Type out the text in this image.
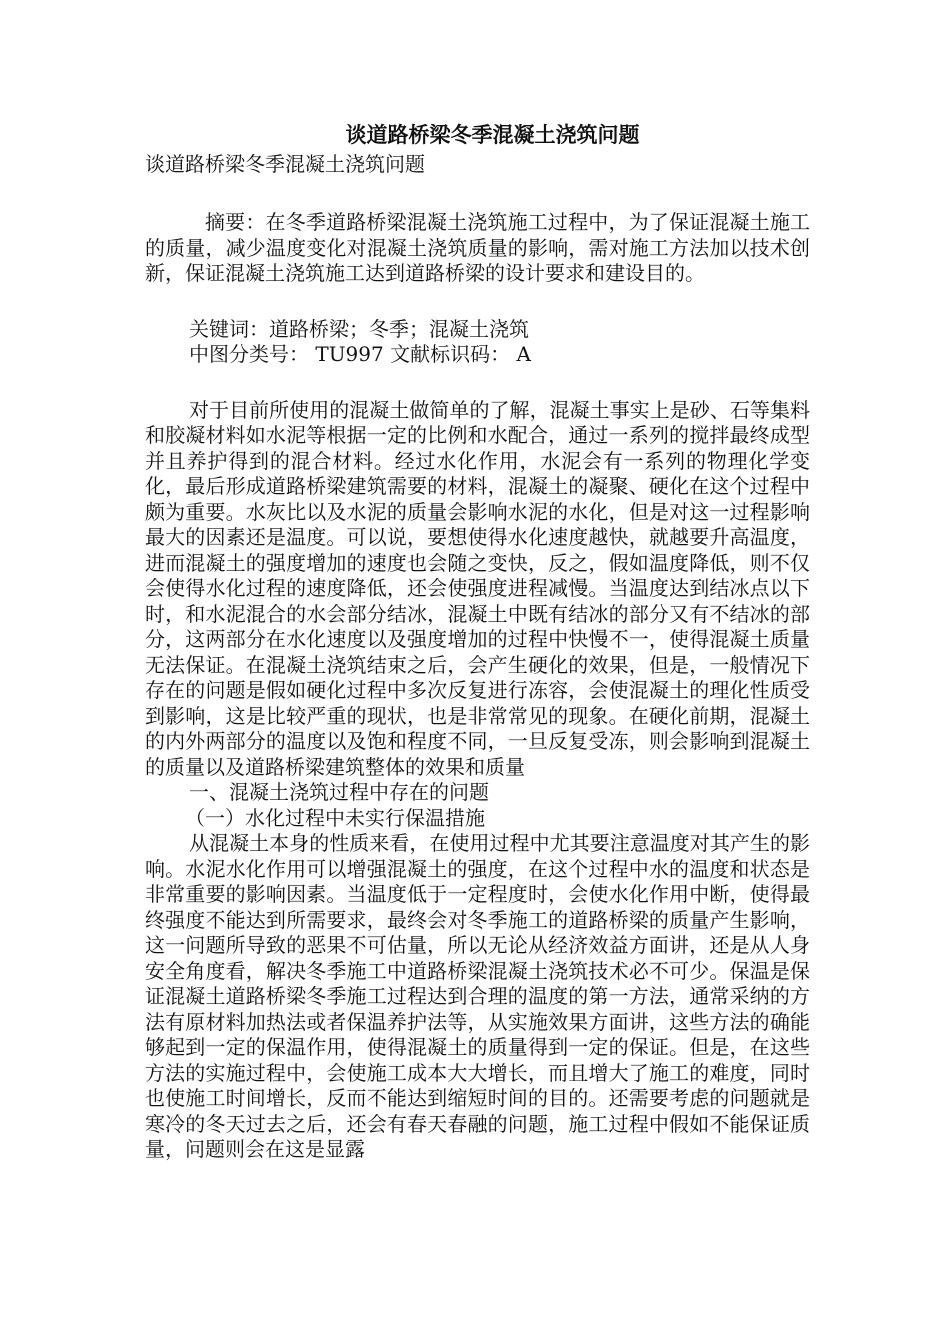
谈道路桥梁冬季混凝土浇筑问题

谈道路桥梁冬季混凝土浇筑问题

摘要：在冬季道路桥梁混凝土浇筑施工过程中，为了保证混凝土施工的质量，减少温度变化对混凝土浇筑质量的影响，需对施工方法加以技术创新，保证混凝土浇筑施工达到道路桥梁的设计要求和建设目的。

关键词：道路桥梁；冬季；混凝土浇筑

中图分类号： TU997 文献标识码： A

对于目前所使用的混凝土做简单的了解，混凝土事实上是砂、石等集料和胶凝材料如水泥等根据一定的比例和水配合，通过一系列的搅拌最终成型并且养护得到的混合材料。经过水化作用，水泥会有一系列的物理化学变化，最后形成道路桥梁建筑需要的材料，混凝土的凝聚、硬化在这个过程中颇为重要。水灰比以及水泥的质量会影响水泥的水化，但是对这一过程影响最大的因素还是温度。可以说，要想使得水化速度越快，就越要升高温度，进而混凝土的强度增加的速度也会随之变快，反之，假如温度降低，则不仅会使得水化过程的速度降低，还会使强度进程减慢。当温度达到结冰点以下时，和水泥混合的水会部分结冰，混凝土中既有结冰的部分又有不结冰的部分，这两部分在水化速度以及强度增加的过程中快慢不一，使得混凝土质量无法保证。在混凝土浇筑结束之后，会产生硬化的效果，但是，一般情况下存在的问题是假如硬化过程中多次反复进行冻容，会使混凝土的理化性质受到影响，这是比较严重的现状，也是非常常见的现象。在硬化前期，混凝土的内外两部分的温度以及饱和程度不同，一旦反复受冻，则会影响到混凝土的质量以及道路桥梁建筑整体的效果和质量

一、混凝土浇筑过程中存在的问题

（一）水化过程中未实行保温措施

从混凝土本身的性质来看，在使用过程中尤其要注意温度对其产生的影响。水泥水化作用可以增强混凝土的强度，在这个过程中水的温度和状态是非常重要的影响因素。当温度低于一定程度时，会使水化作用中断，使得最终强度不能达到所需要求，最终会对冬季施工的道路桥梁的质量产生影响，这一问题所导致的恶果不可估量，所以无论从经济效益方面讲，还是从人身安全角度看，解决冬季施工中道路桥梁混凝土浇筑技术必不可少。保温是保证混凝土道路桥梁冬季施工过程达到合理的温度的第一方法，通常采纳的方法有原材料加热法或者保温养护法等，从实施效果方面讲，这些方法的确能够起到一定的保温作用，使得混凝土的质量得到一定的保证。但是，在这些方法的实施过程中，会使施工成本大大增长，而且增大了施工的难度，同时也使施工时间增长，反而不能达到缩短时间的目的。还需要考虑的问题就是寒冷的冬天过去之后，还会有春天春融的问题，施工过程中假如不能保证质量，问题则会在这是显露
